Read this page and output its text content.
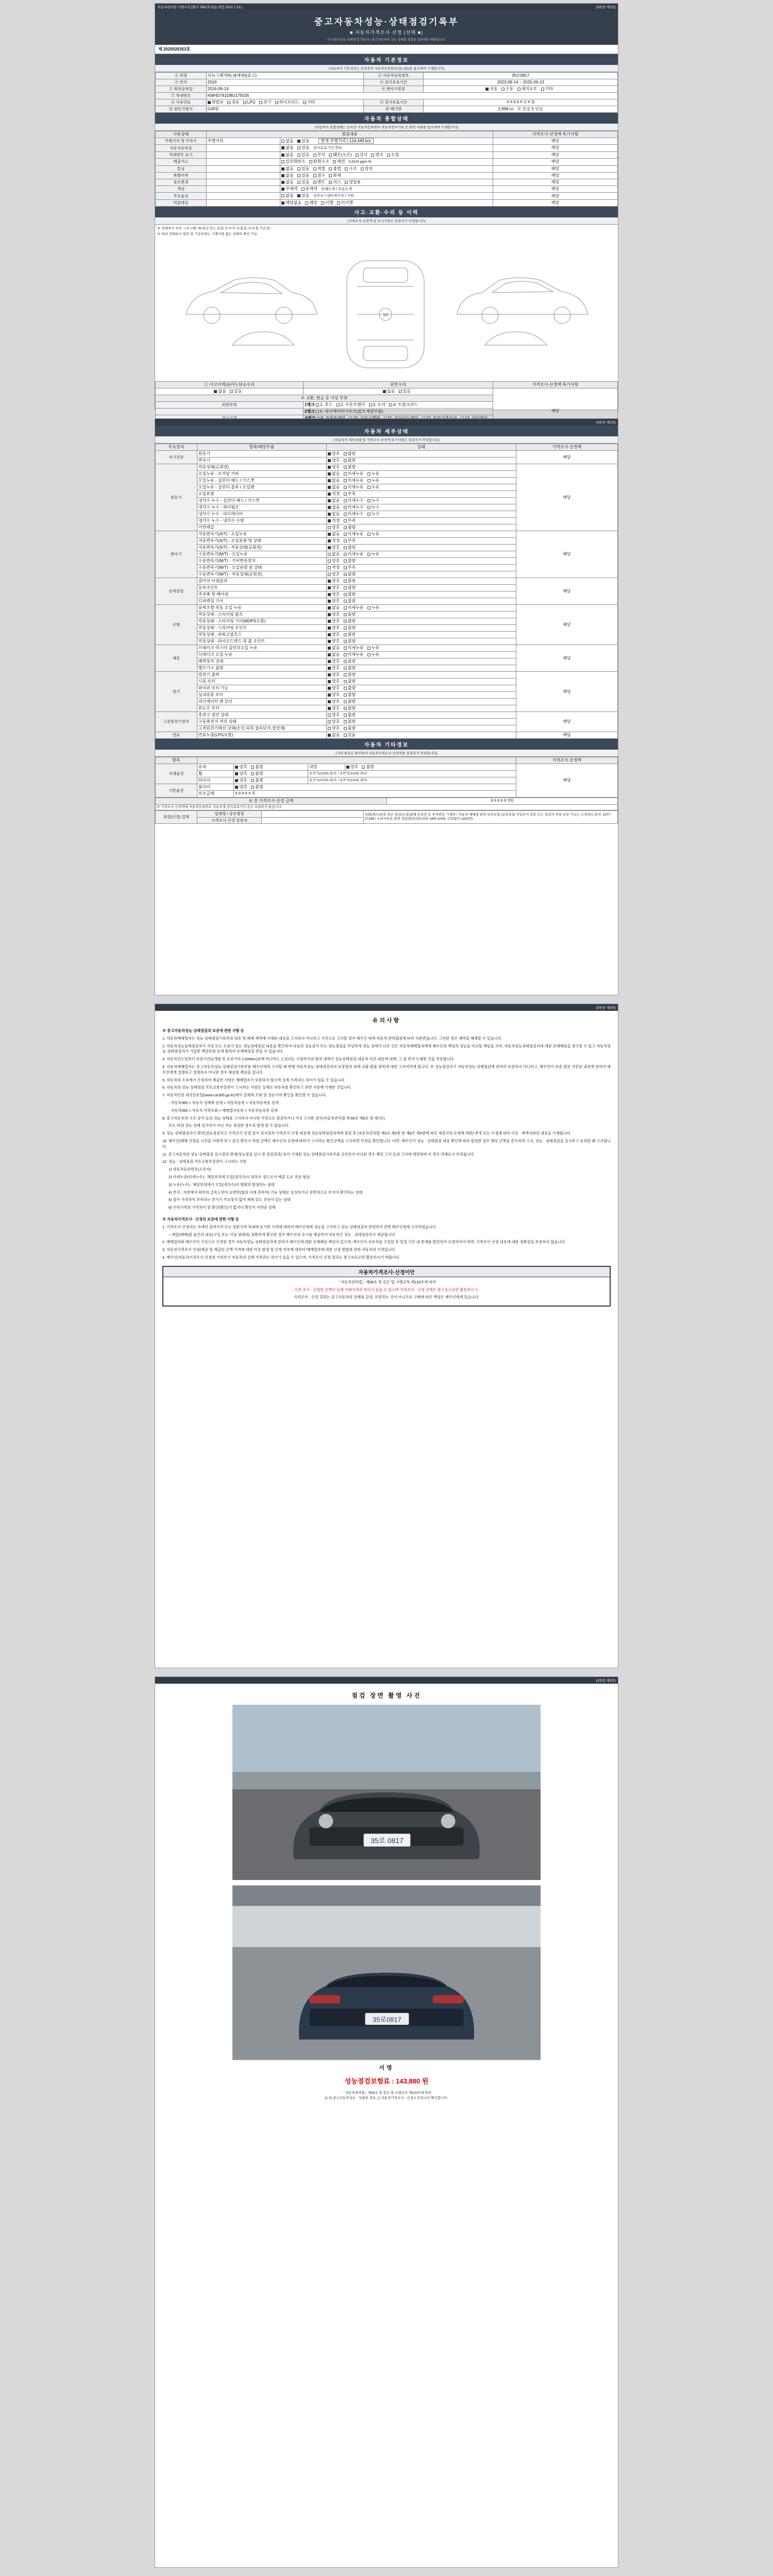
자동차관리법 시행규칙 [별지 제82호의2] (개정 2021.7.13.)	(3면중 제1면)
중고자동차성능·상태점검기록부
■ 자동차가격조사·산정 (선택 ■)
이 자동차성능·상태점검기록부는 중고자동차의 성능·상태를 점검한 결과에만 해당됩니다.
제 2025026353호
자동차 기본정보
(자동차의 기본정보는 등록증의 자동차등록원부(갑)·(을)을 참조하여 기재합니다)
① 차명	더뉴그랜저IG (6세대)(중고)	② 자동차등록번호	35로0817
③ 연식	2016	④ 검사유효기간	2023-06-14 ~ 2025-06-13
⑤ 최초등록일	2016-06-14	⑥ 변속기종류	자동 수동 세미오토 기타
⑦ 차대번호	KMHD741DBU175026		
⑧ 사용연료	휘발유 경유 LPG 전기 하이브리드 기타	⑨ 검사유효기간	0 0 0 0 0 년 0 월
⑫ 원동기형식	G4FD	⑩ 배기량	2,999 cc ⑪ 인승 5 인승
자동차 종합상태
(자동차의 종합상태는 등록증·자동차등록원부·자동차검사기록 등 관련 서류를 참조하여 기재합니다)
사용상태	점검내용		가격조사·산정액 특기사항
주행거리 및 주차수	주행거리	없음 있음 현재 주행거리 | 124,449 km	해당
자동차등록증		없음 있음 검사유효기간 만료	해당
차대번호 표기		없음 있음 부식 훼손(오손) 상이 변조 도말	해당
배출가스		일산화탄소 탄화수소 매연 0.01% ppm %	해당
튜닝		없음 있음 적법 불법 구조 장치	해당
특별이력		없음 있음 침수 화재	해당
용도변경		없음 있음 렌트 리스 영업용	해당
색상		무채색 유채색 전체도색 / 부분도색	해당
주요옵션		없음 있음 선루프 / 내비게이션 / 기타	해당
리콜대상		해당없음 해당 이행 미이행	해당
사고·교환·수리 등 이력
(가격조사·산정액 및 특기사항은 점검자가 작성합니다)
※ 상태표시 부호 : ( X:교환, W:판금 또는 용접, C:부식, A:흠집, U:요철, T:손상)
※ 하단 상태표시 항목 및 기준부위는 기재사항 없는 상태로 확인 가능
16
① 사고이력(유/무)·단순수리	단면수리	가격조사·산정액 특기사항
없음 있음	없음 있음	해당
※ 교환, 판금 등 이상 부위		
외판부위	1랭크 1. 후드 2. 프론트펜더 3. 도어 4. 트렁크리드	
	2랭크 5. 라디에이터서포트(볼트체결부품)	

(3면중 제2면)
자동차 세부상태
(자동차의 세부상태 및 가격조사·산정액 특기사항은 점검자가 작성합니다)
주요장치	항목/해당부품	상태	가격조사·산정액
자기진단	원동기	양호 불량	해당
	변속기	양호 불량	
원동기	작동상태(공회전)	양호 불량	해당
	오일누유 - 로커암 커버	없음 미세누유 누유	
	오일누유 - 실린더 헤드 / 가스켓	없음 미세누유 누유	
	오일누유 - 실린더 블록 / 오일팬	없음 미세누유 누유	
	오일유량	적정 부족	
	냉각수 누수 - 실린더 헤드 / 가스켓	없음 미세누수 누수	
	냉각수 누수 - 워터펌프	없음 미세누수 누수	
	냉각수 누수 - 라디에이터	없음 미세누수 누수	
	냉각수 누수 - 냉각수 수량	적정 부족	
	커먼레일	양호 불량	
변속기	자동변속기(A/T) - 오일누유	없음 미세누유 누유	해당
	자동변속기(A/T) - 오일유량 및 상태	적정 부족	
	자동변속기(A/T) - 작동상태(공회전)	양호 불량	
	수동변속기(M/T) - 오일누유	없음 미세누유 누유	
	수동변속기(M/T) - 기어변속장치	양호 불량	
	수동변속기(M/T) - 오일유량 및 상태	적정 부족	
	수동변속기(M/T) - 작동상태(공회전)	양호 불량	
동력전달	클러치 어셈블리	양호 불량	해당
	등속조인트	양호 불량	
	추진축 및 베어링	양호 불량	
	디퍼렌셜 기어	양호 불량	
조향	동력조향 작동 오일 누유	없음 미세누유 누유	해당
	작동상태 - 스티어링 펌프	양호 불량	
	작동상태 - 스티어링 기어(MDPS포함)	양호 불량	
	작동상태 - 스티어링 조인트	양호 불량	
	작동상태 - 파워고압호스	양호 불량	
	작동상태 - 타이로드엔드 및 볼 조인트	양호 불량	
제동	브레이크 마스터 실린더오일 누유	없음 미세누유 누유	해당
	브레이크 오일 누유	없음 미세누유 누유	
	배력장치 상태	양호 불량	
	밸브기구 불량	양호 불량	
전기	발전기 출력	양호 불량	해당
	시동 모터	양호 불량	
	와이퍼 모터 기능	양호 불량	
	실내송풍 모터	양호 불량	
	라디에이터 팬 모터	양호 불량	
	윈도우 모터	양호 불량	
고전원전기장치	충전구 절연 상태	양호 불량	해당
	구동축전지 격리 상태	양호 불량	
	고전원전기배선 상태(손상,피복,접속단자,절연체)	양호 불량	
연료	연료누출(LPG포함)	없음 있음	해당
자동차 기타정보
(기타 항목은 확인하여 자동차가격조사·산정액을 점검자가 작성합니다)
항목					가격조사·산정액
사내옵션	유리	양호 불량	내장	양호 불량	해당
	휠	양호 불량	운전석(1/2/3) 좌/우 / 동반석(1/2/3) 좌/우		
	타이어	양호 불량	운전석(1/2/3) 좌/우 / 동반석(1/2/3) 좌/우		
기본옵션	룸미러	양호 불량			
	보조금액	0 0 0 0 0 원			
※ 총 가격조사·산정 금액	0 0 0 0 0 만원
※ 가격조사·산정액에 자동차등록번호·자동차세·검사유효기간 등은 포함하지 않습니다.
점검(산정) 업체	업체명 / 상호명칭		전화(팩스)번호 혹은 점검(산정)업체 등록증 등 부여번호 기재란 / 자동차 매매업 관련 보증보험 (보증보험 가입증서 번호 또는 점검자 부담 보증 가능) / 고객센터 문의: 1577-27298 / 소비자보호 관련 상담센터(대표전화 1800-1004, 국번없이 1333번)
	가격조사·산정 담당자		
(3면중 제3면)
유의사항

※ 중고자동차성능·상태점검의 보증에 관한 사항 등

1. 자동차매매업자는 성능·상태점검기록부의 내용 및 매매 계약에 기재된 내용을 고지하지 아니하고 거짓으로 고지할 경우 매수인 에게 자동차 관리법령에 따라 처분받습니다. 그러한 경우 계약을 해제할 수 있습니다.

2. 자동차성능상태점검자가 거짓 또는 오류가 있는 성능상태점검 내용을 확인하여 다음의 성능검사 또는 성능점검을 부당하게 성능·상태가 다른 것은 자동차매매업자에게 매수인의 책임과 성능을 비교할 책임을 지며, 자동차성능상태점검자에 대한 손해배상을 청구할 수 있고 자동차성능·상태점검자가 가입한 책임보험 등에 통하여 손해배상을 받을 수 있습니다.

3. 자동차인도일부터 보증기간(1개월 및 보증거리 2,000km)중에 하나라도 도달되는 시점까지의 범위 내에서 성능상태점검 내용과 다른 내용에 대해, 그 중 먼저 도래한 것을 적용합니다.

4. 자동차매매업자는 중고자동차성능·상태점검기록부를 매수인에게 고지할 때 현행 자동차성능·상태점검자의 보증범위 외에 교환·환불 항목에 대한 고지여부에 합니다. 또 성능점검자가 자동차성능·상태점검에 관하여 보증하지 아니하고, 매수인이 보증 범위 기준의 내용에 관하여 매수인에게 설명하고 설명하지 아니한 경우 배상할 책임을 집니다.

5. 자동차의 소유에서 산정하여 제공한 사항은 매매업자가 보증하지 않으며 실제 가격과는 차이가 있을 수 있습니다.

6. 자동차의 성능·상태점검 국토교통부장관이 고시하는 사항은 실제로 자동차를 확인하고 관련 서류에 기재한 것입니다.

7. 자동차민원 대국민포털(www.car365.go.kr)에서 실제와 조회 및 성능이력 확인을 확인할 수 있습니다.

· 자동차365 > 자동차 실매매 검색 > 자동차등록 > 자동차등록증 검색

· 자동차365 > 자동차 이력조회 > 매매업자등록 > 자동차등록증 검색

8. 중고자동차의 구조·장치 등의 성능·상태를 고지하지 아니한 거짓으로 점검하거나 거짓 고지한 경우(자동차관리법 제 80조 제6호 및 제7호)

또는 타의 성능·상태 검사자가 아닌 자는 점검한 경우의 발생 할 수 없습니다.

9. 성능·상태점검자가 확인(성능점검기구 가격조사·산정·검사 검사결과 가격조사·산정 내용에 성능상태점검자에게 점검 후 (자동차관리법 제3조 제2항 및 제6조 제4항에 따른 재검사의 요청에 대한) 변경 또는 수정에 따라 이용 · 매개자와의 내용을 기재합니다.

10. 매수인(매매 신청을 시간을 이렇게 하고 물건 확인시 차량 금액은 매수인의 요청에 따라서 고지하는 확인금액을 고지하면 사정을 확인합니다. 다만, 매수인이 성능 · 상태점검 내용 확인에 따라 합의한 경우 해당 금액을 준수하며 고지, 성능 · 상태점검을 실시하고 동의한 때 고지합니다.

11. 중고자동차의 성능·상태점검 실시결과 명세(성능점검 실시 및 점검결과) 등이 기재된 성능·상태점검기록부를 교부하지 아니한 경우 해당 고지 등의 고지에 해당하며 이 경우 과태료가 부과됩니다.

12. 성능 · 상태점검 국토교통부장관이 고시하는 사항

1) 자동차등록번호(소유자)

2) 미세누유(미세누수) : 해당부위에 오일(냉각수)이 외부로 정도로서 배출 도로 진단 형상

3) 누유(누수) : 해당부위에서 오일(냉각수)이 명확히 발생하는 상태

4) 부식 : 자연에서 외부의 급속도만이 표면만(협의 이에 준하여) 기능 상태로 상실하거나 전면적으로 부식이 확인하는 상태

5) 침수 가격차이 부족하는 부식가 주요장치 없어 계에 강도 진단이 있는 상태

6) 수리가격의 가격차이 및 확인(확인)가 없거나 확인이 어려운 상태

※ 자동차가격조사 · 산정의 보증에 관한 사항 등

1. 가격조사·산정자는 자세히 살펴가격 또는 상한가격 차내에 표기한 가격에 대하여 매수인에게 성능을 고지하고 성능·상태점검과 관련하여 전면 매수인에게 고지하였습니다.

○ 매입(매매)할 물건의 내용(구입 또는 이상 상태의) 정확하게 확인한 경우 매수인의 요구를 제공하여 자동차인 성능 · 상태점검자가 제공합니다.

2. 매매업자와 매수인이 거짓으로 산정한 경우 자동차성능·상태점검자에 관하여 매수인에 대한 손해배상 책임이 있으며, 매수인이 자동차를 구입한 후 일정 기간 내 문제를 발견하여 요청하여야 하며, 가격조사·산정 내용에 대한 정확성을 보증하지 않습니다.

3. 자동차가격조사·산정(제공 및 제출한 금액 가격에 대한 비용 발생 및 신청 여부에 대하여 매매업자에 의한 산정 방법에 관한 자동차의 가격입니다.

4. 매수인(자동차가격조사·산정의 기록부가 자동차의 실제 가격과는 차이가 있을 수 있으며, 가격조사·산정 결과는 참고자료로만 활용하시기 바랍니다.

자동차가격조사·산정이안

「자동차관리법」제58조 및 같은 법 시행규칙 제120조에 따라

가격 조사 · 산정한 금액이 실제 거래가격과 차이가 있을 수 있으며 가격조사 · 산정 금액은 참고용으로만 활용하시고,

가격조사 · 산정 결과는 중고자동차의 상태를 감정, 보증하는 것이 아니므로 구매에 따른 책임은 매수인에게 있습니다.

(3면중 제3면)
점검 장면 촬영 사진
35로 0817
35로0817
서명
성능점검보험료 : 143,880 원
「자동차관리법」제58조 및 같은 법 시행규칙 제120조에 따라
[1 V] 중고자동차성능 · 상태점 검표, [ ] 자동차가격조사 · 산정 1 부입니다 확인합니다.
